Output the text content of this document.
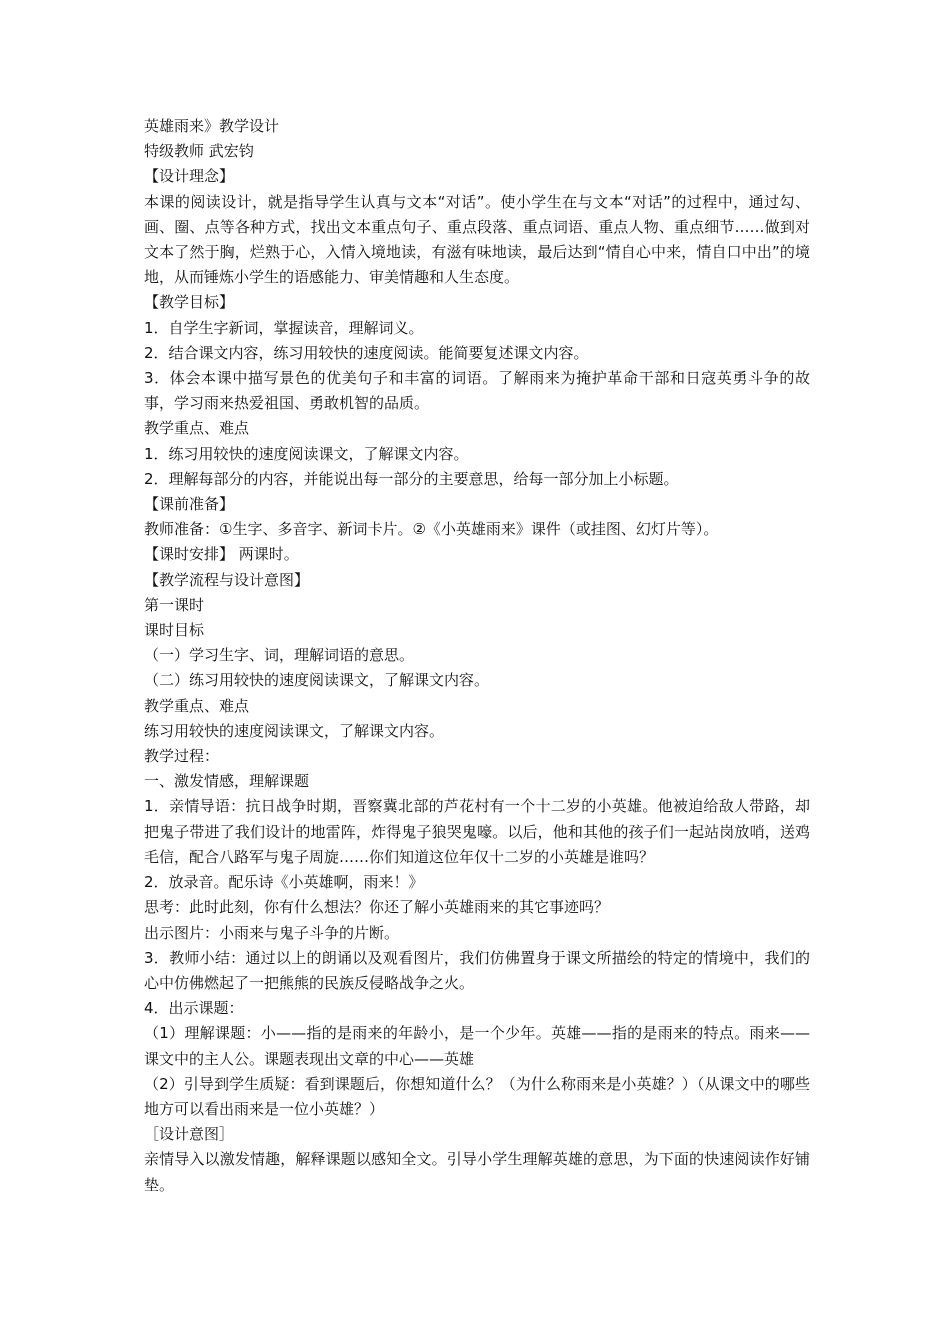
英雄雨来》教学设计

特级教师 武宏钧

【设计理念】

本课的阅读设计，就是指导学生认真与文本“对话”。使小学生在与文本“对话”的过程中，通过勾、画、圈、点等各种方式，找出文本重点句子、重点段落、重点词语、重点人物、重点细节……做到对文本了然于胸，烂熟于心，入情入境地读，有滋有味地读，最后达到“情自心中来，情自口中出”的境地，从而锤炼小学生的语感能力、审美情趣和人生态度。

【教学目标】

1．自学生字新词，掌握读音，理解词义。

2．结合课文内容，练习用较快的速度阅读。能简要复述课文内容。

3．体会本课中描写景色的优美句子和丰富的词语。了解雨来为掩护革命干部和日寇英勇斗争的故事，学习雨来热爱祖国、勇敢机智的品质。

教学重点、难点

1．练习用较快的速度阅读课文，了解课文内容。

2．理解每部分的内容，并能说出每一部分的主要意思，给每一部分加上小标题。

【课前准备】

教师准备：①生字、多音字、新词卡片。②《小英雄雨来》课件（或挂图、幻灯片等）。

【课时安排】 两课时。

【教学流程与设计意图】

第一课时

课时目标

（一）学习生字、词，理解词语的意思。

（二）练习用较快的速度阅读课文，了解课文内容。

教学重点、难点

练习用较快的速度阅读课文，了解课文内容。

教学过程：

一、激发情感，理解课题

1．亲情导语：抗日战争时期，晋察冀北部的芦花村有一个十二岁的小英雄。他被迫给敌人带路，却把鬼子带进了我们设计的地雷阵，炸得鬼子狼哭鬼嚎。以后，他和其他的孩子们一起站岗放哨，送鸡毛信，配合八路军与鬼子周旋……你们知道这位年仅十二岁的小英雄是谁吗？

2．放录音。配乐诗《小英雄啊，雨来！》

思考：此时此刻，你有什么想法？你还了解小英雄雨来的其它事迹吗？

出示图片：小雨来与鬼子斗争的片断。

3．教师小结：通过以上的朗诵以及观看图片，我们仿佛置身于课文所描绘的特定的情境中，我们的心中仿佛燃起了一把熊熊的民族反侵略战争之火。

4．出示课题：

（1）理解课题：小——指的是雨来的年龄小，是一个少年。英雄——指的是雨来的特点。雨来——课文中的主人公。课题表现出文章的中心——英雄

（2）引导到学生质疑：看到课题后，你想知道什么？（为什么称雨来是小英雄？）（从课文中的哪些地方可以看出雨来是一位小英雄？）

［设计意图］

亲情导入以激发情趣，解释课题以感知全文。引导小学生理解英雄的意思，为下面的快速阅读作好铺垫。
